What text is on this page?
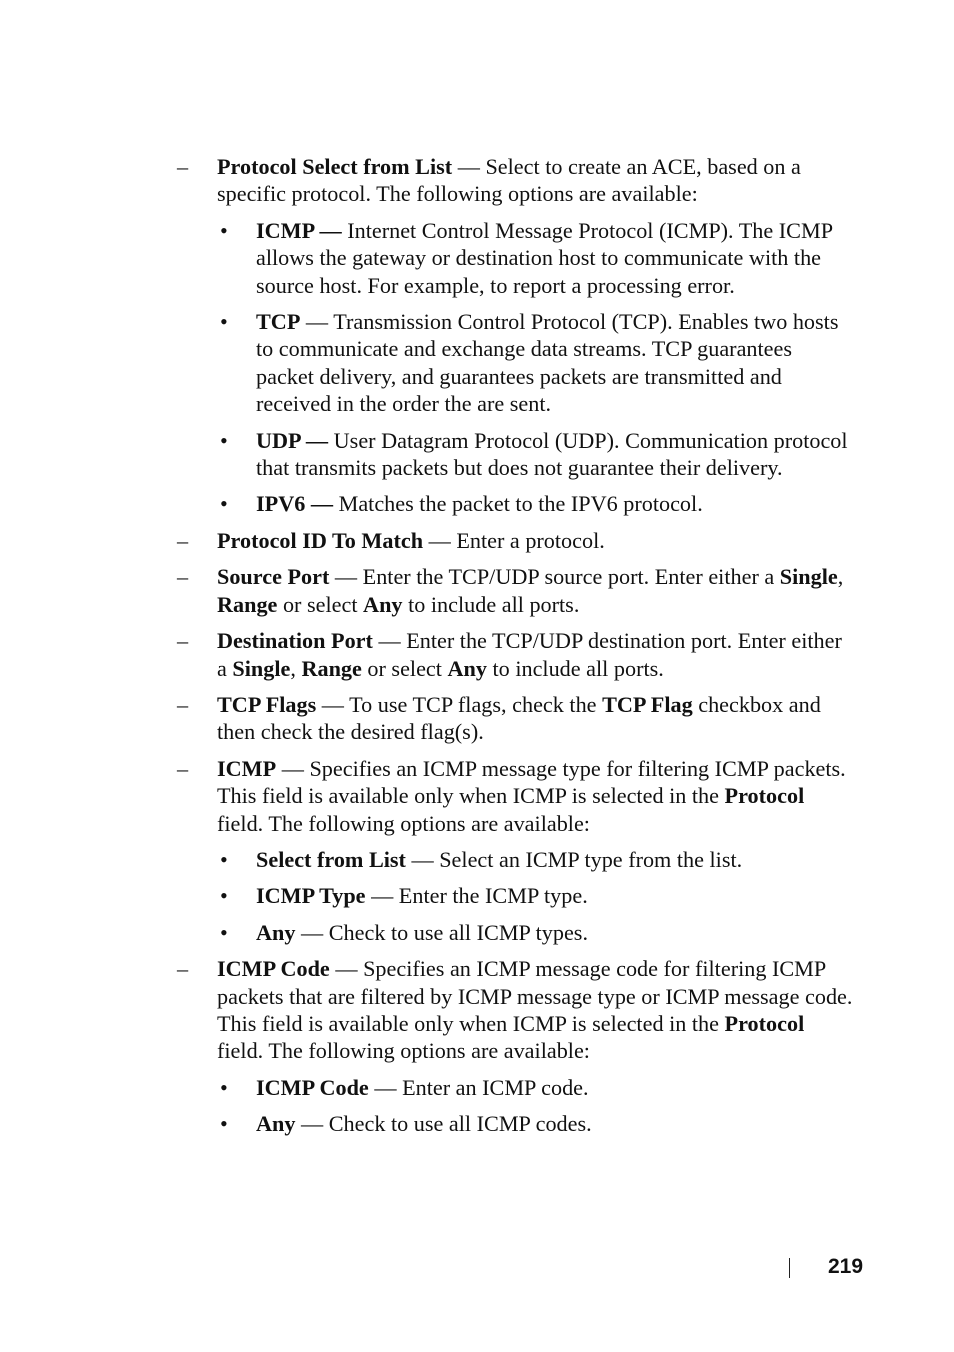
– Protocol Select from List — Select to create an ACE, based on a specific protocol. The following options are available:
• ICMP — Internet Control Message Protocol (ICMP). The ICMP allows the gateway or destination host to communicate with the source host. For example, to report a processing error.
• TCP — Transmission Control Protocol (TCP). Enables two hosts to communicate and exchange data streams. TCP guarantees packet delivery, and guarantees packets are transmitted and received in the order the are sent.
• UDP — User Datagram Protocol (UDP). Communication protocol that transmits packets but does not guarantee their delivery.
• IPV6 — Matches the packet to the IPV6 protocol.
– Protocol ID To Match — Enter a protocol.
– Source Port — Enter the TCP/UDP source port. Enter either a Single, Range or select Any to include all ports.
– Destination Port — Enter the TCP/UDP destination port. Enter either a Single, Range or select Any to include all ports.
– TCP Flags — To use TCP flags, check the TCP Flag checkbox and then check the desired flag(s).
– ICMP — Specifies an ICMP message type for filtering ICMP packets. This field is available only when ICMP is selected in the Protocol field. The following options are available:
• Select from List — Select an ICMP type from the list.
• ICMP Type — Enter the ICMP type.
• Any — Check to use all ICMP types.
– ICMP Code — Specifies an ICMP message code for filtering ICMP packets that are filtered by ICMP message type or ICMP message code. This field is available only when ICMP is selected in the Protocol field. The following options are available:
• ICMP Code — Enter an ICMP code.
• Any — Check to use all ICMP codes.
219
